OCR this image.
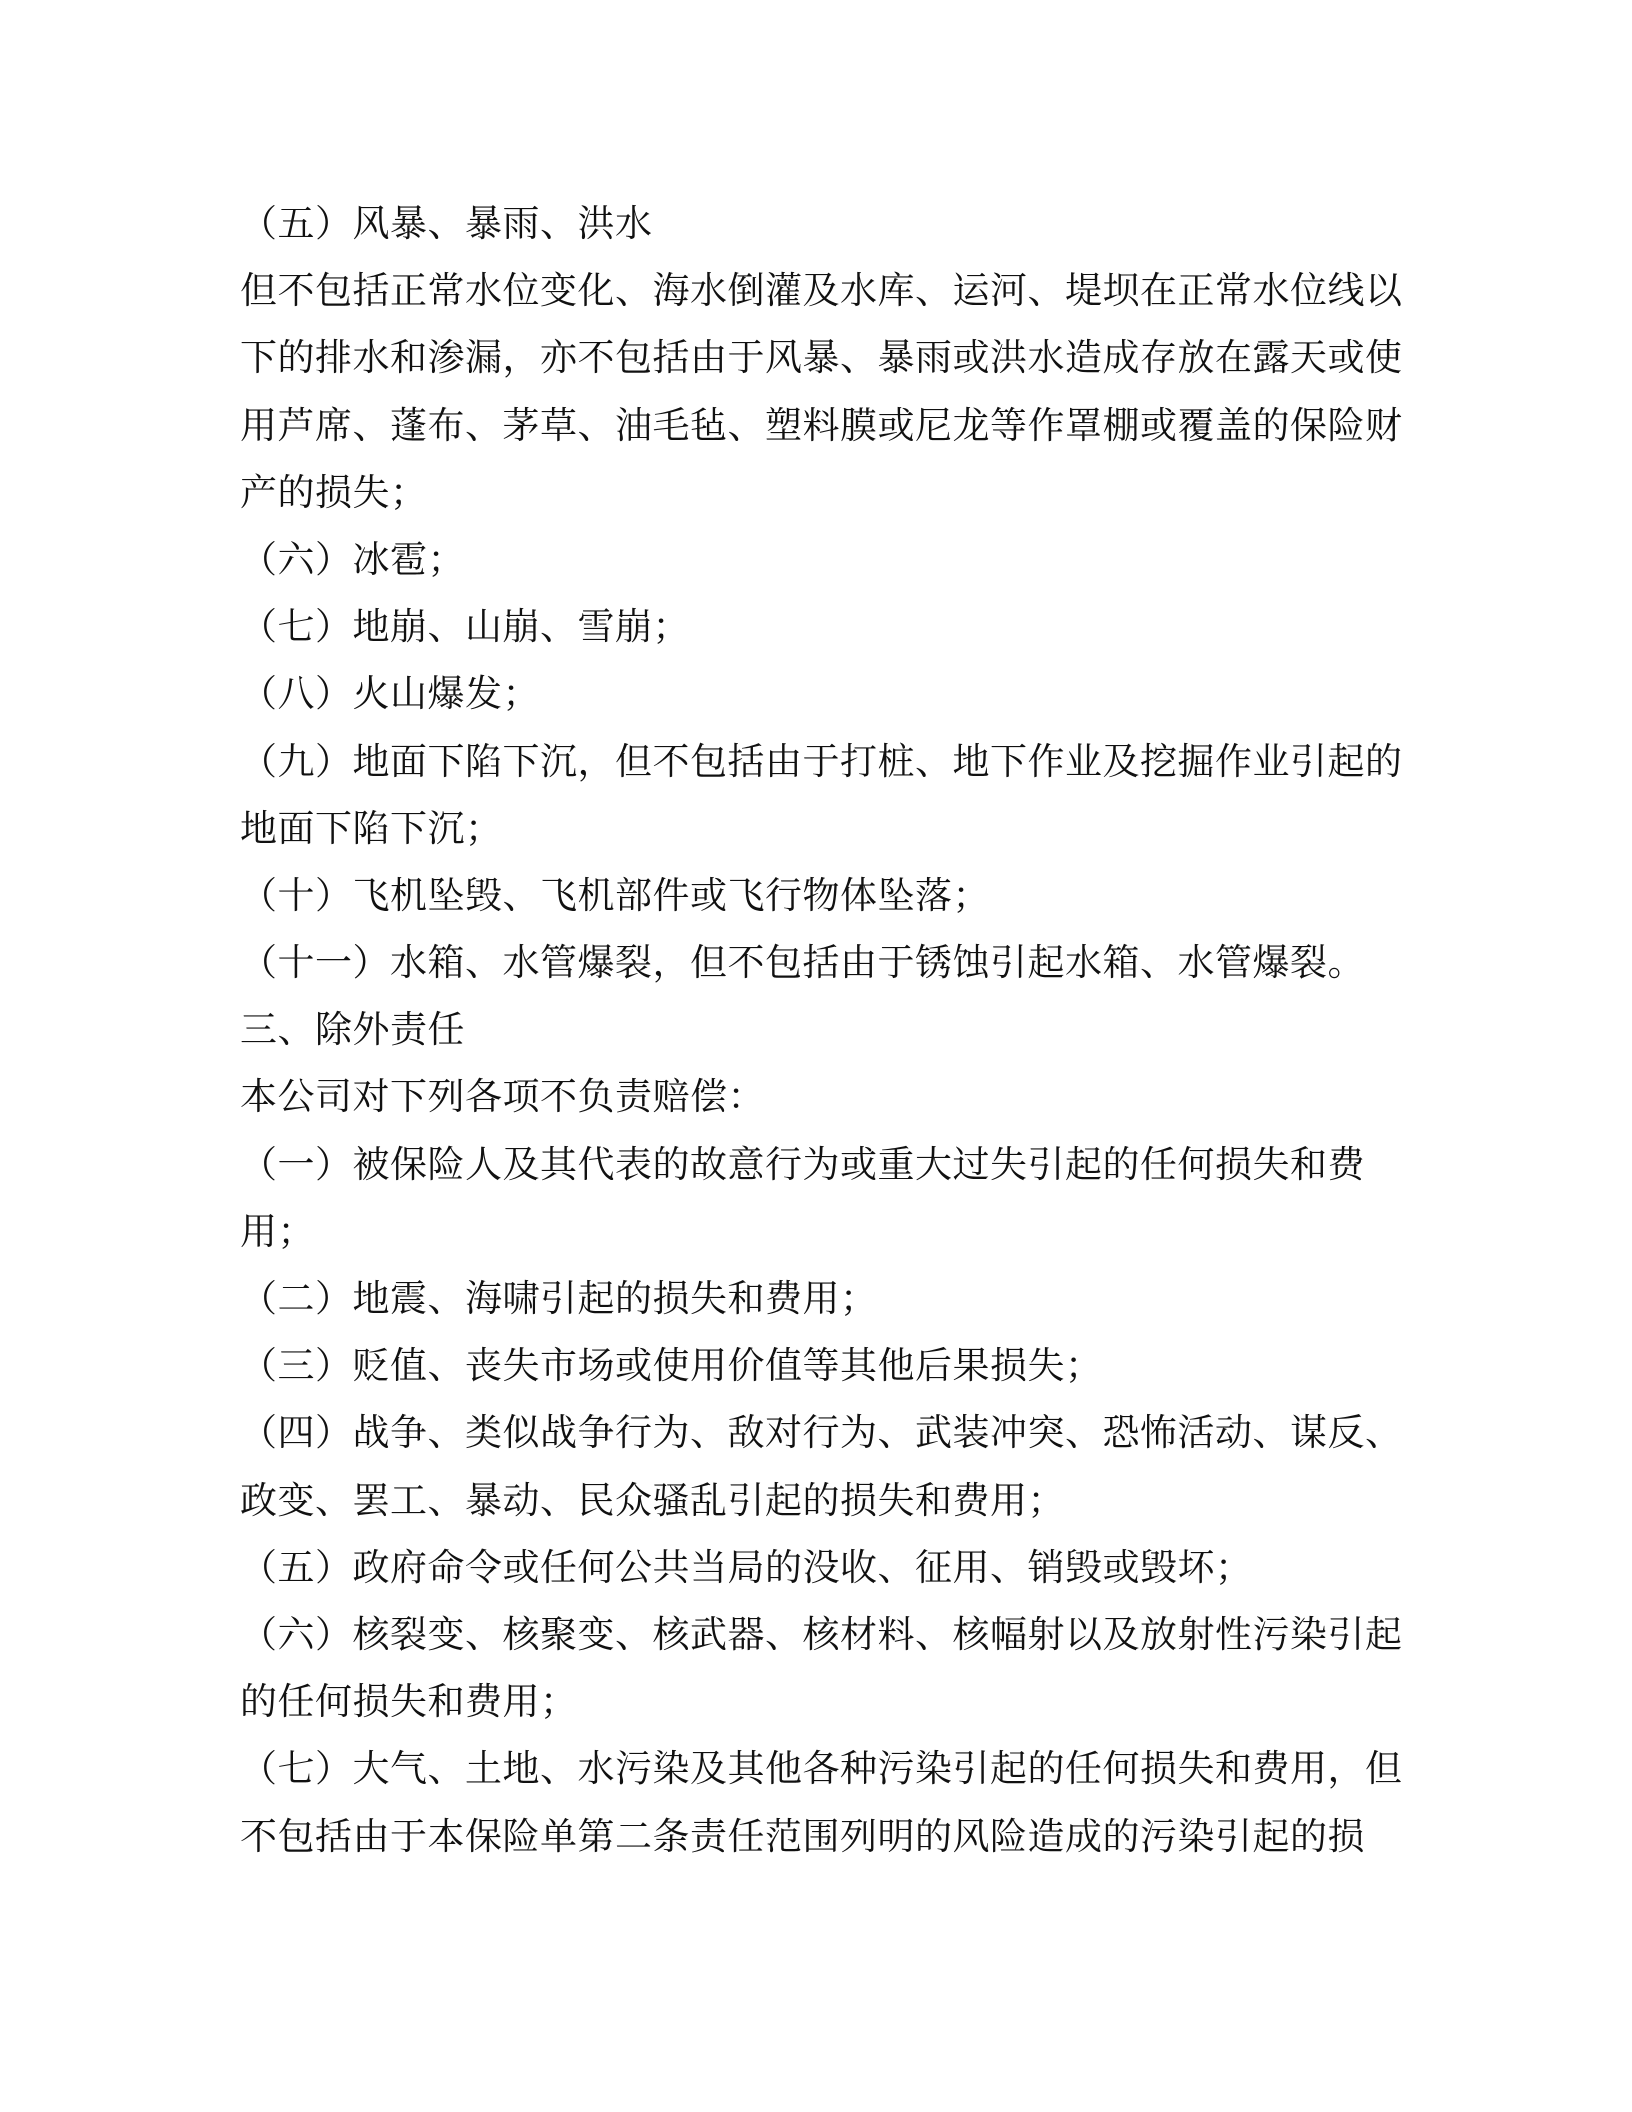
（五）风暴、暴雨、洪水
但不包括正常水位变化、海水倒灌及水库、运河、堤坝在正常水位线以
下的排水和渗漏，亦不包括由于风暴、暴雨或洪水造成存放在露天或使
用芦席、蓬布、茅草、油毛毡、塑料膜或尼龙等作罩棚或覆盖的保险财
产的损失；
（六）冰雹；
（七）地崩、山崩、雪崩；
（八）火山爆发；
（九）地面下陷下沉，但不包括由于打桩、地下作业及挖掘作业引起的
地面下陷下沉；
（十）飞机坠毁、飞机部件或飞行物体坠落；
（十一）水箱、水管爆裂，但不包括由于锈蚀引起水箱、水管爆裂。
三、除外责任
本公司对下列各项不负责赔偿：
（一）被保险人及其代表的故意行为或重大过失引起的任何损失和费
用；
（二）地震、海啸引起的损失和费用；
（三）贬值、丧失市场或使用价值等其他后果损失；
（四）战争、类似战争行为、敌对行为、武装冲突、恐怖活动、谋反、
政变、罢工、暴动、民众骚乱引起的损失和费用；
（五）政府命令或任何公共当局的没收、征用、销毁或毁坏；
（六）核裂变、核聚变、核武器、核材料、核幅射以及放射性污染引起
的任何损失和费用；
（七）大气、土地、水污染及其他各种污染引起的任何损失和费用，但
不包括由于本保险单第二条责任范围列明的风险造成的污染引起的损
